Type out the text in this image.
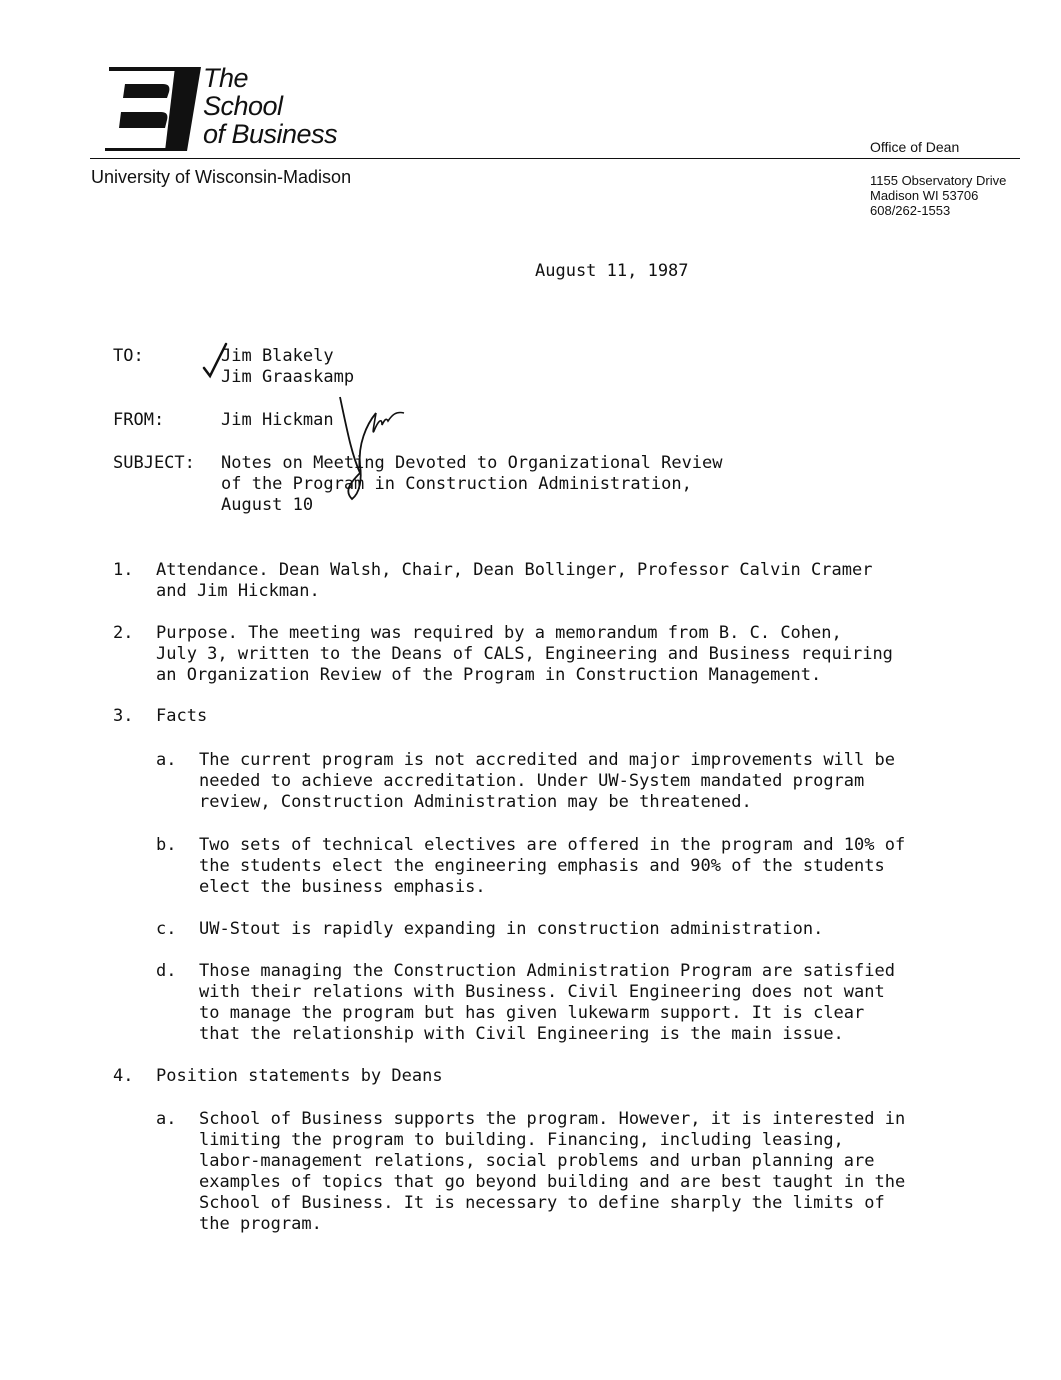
The
School
of Business
University of Wisconsin-Madison
Office of Dean
1155 Observatory Drive
Madison WI 53706
608/262-1553
August 11, 1987
TO:	Jim Blakely
Jim Graaskamp
FROM:	Jim Hickman
SUBJECT: Notes on Meeting Devoted to Organizational Review
of the Program in Construction Administration,
August 10
1. Attendance. Dean Walsh, Chair, Dean Bollinger, Professor Calvin Cramer
and Jim Hickman.
2. Purpose. The meeting was required by a memorandum from B. C. Cohen,
July 3, written to the Deans of CALS, Engineering and Business requiring
an Organization Review of the Program in Construction Management.
3. Facts
a. The current program is not accredited and major improvements will be
needed to achieve accreditation. Under UW-System mandated program
review, Construction Administration may be threatened.
b. Two sets of technical electives are offered in the program and 10% of
the students elect the engineering emphasis and 90% of the students
elect the business emphasis.
c. UW-Stout is rapidly expanding in construction administration.
d. Those managing the Construction Administration Program are satisfied
with their relations with Business. Civil Engineering does not want
to manage the program but has given lukewarm support. It is clear
that the relationship with Civil Engineering is the main issue.
4. Position statements by Deans
a. School of Business supports the program. However, it is interested in
limiting the program to building. Financing, including leasing,
labor-management relations, social problems and urban planning are
examples of topics that go beyond building and are best taught in the
School of Business. It is necessary to define sharply the limits of
the program.
